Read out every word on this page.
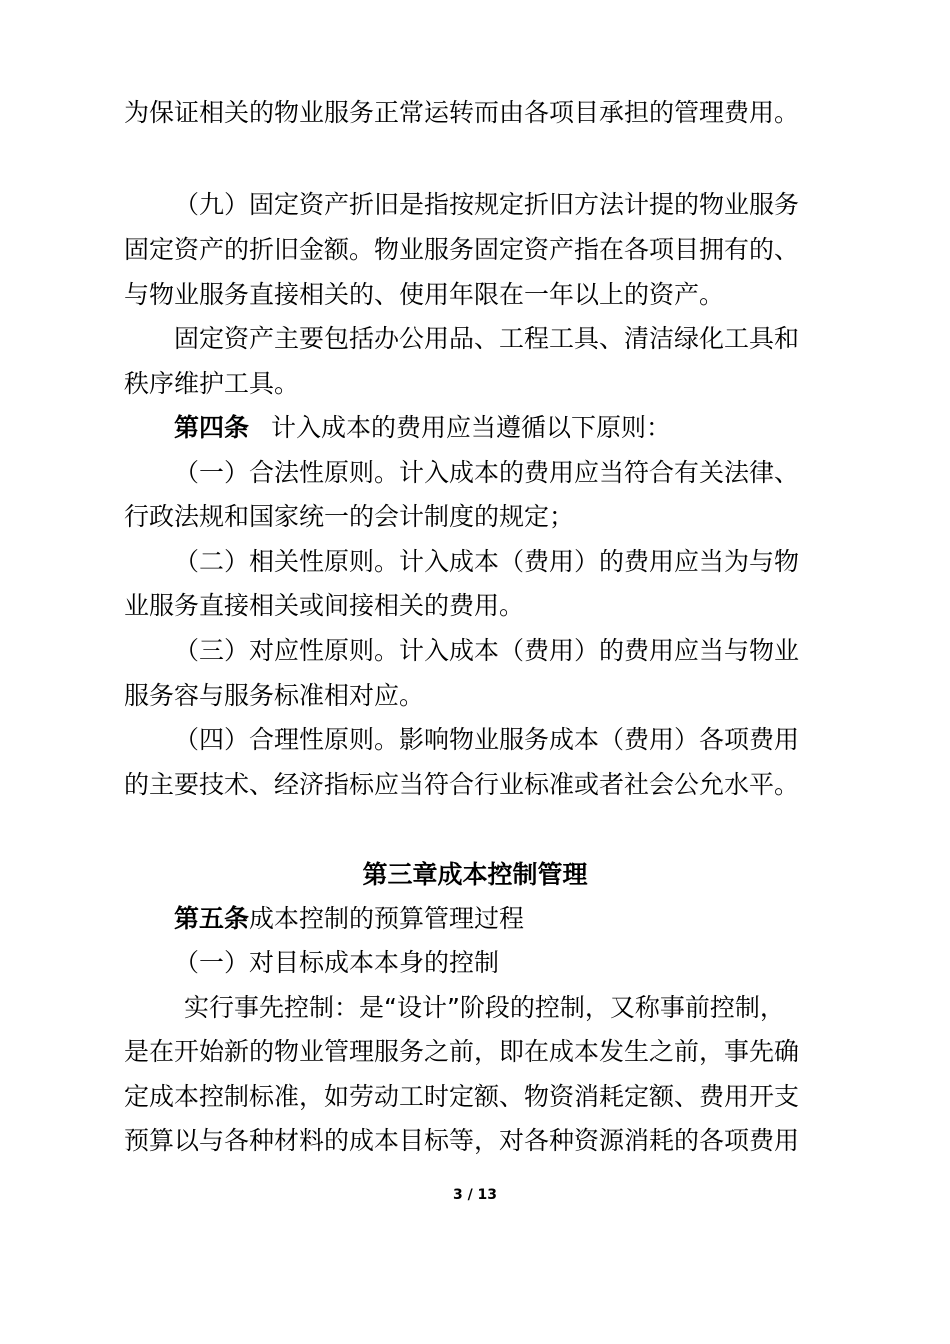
为保证相关的物业服务正常运转而由各项目承担的管理费用。
（九）固定资产折旧是指按规定折旧方法计提的物业服务
固定资产的折旧金额。物业服务固定资产指在各项目拥有的、
与物业服务直接相关的、使用年限在一年以上的资产。
固定资产主要包括办公用品、工程工具、清洁绿化工具和
秩序维护工具。
第四条 计入成本的费用应当遵循以下原则：
（一）合法性原则。计入成本的费用应当符合有关法律、
行政法规和国家统一的会计制度的规定；
（二）相关性原则。计入成本（费用）的费用应当为与物
业服务直接相关或间接相关的费用。
（三）对应性原则。计入成本（费用）的费用应当与物业
服务容与服务标准相对应。
（四）合理性原则。影响物业服务成本（费用）各项费用
的主要技术、经济指标应当符合行业标准或者社会公允水平。
第三章成本控制管理
第五条成本控制的预算管理过程
（一）对目标成本本身的控制
实行事先控制：是“设计”阶段的控制，又称事前控制，
是在开始新的物业管理服务之前，即在成本发生之前，事先确
定成本控制标准，如劳动工时定额、物资消耗定额、费用开支
预算以与各种材料的成本目标等，对各种资源消耗的各项费用
3 / 13
